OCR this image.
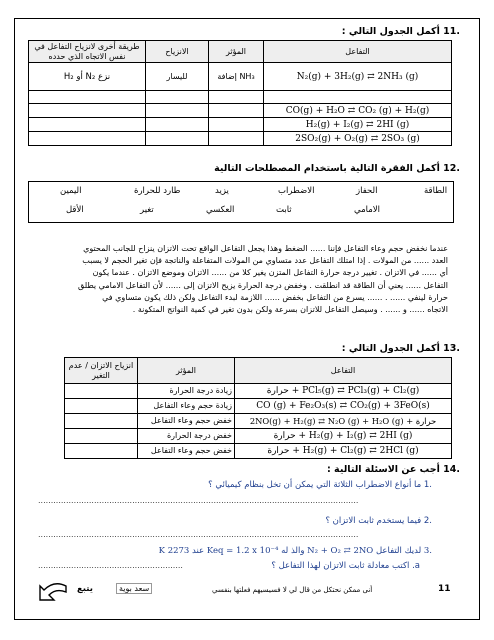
.11 أكمل الجدول التالي :
طريقة أخرى لانزياح التفاعل في نفس الاتجاه الذي حدده	الانزياح	المؤثر	التفاعل
نزع N₂ أو H₂	لليسار	إضافة NH₃	N₂(g) + 3H₂(g) ⇄ 2NH₃ (g)

			CO(g) + H₂O ⇄ CO₂ (g) + H₂(g)
			H₂(g) + I₂(g) ⇄ 2HI (g)
			2SO₂(g) + O₂(g) ⇄ 2SO₃ (g)
.12 أكمل الفقرة التالية باستخدام المصطلحات التالية
الطاقة
الحفاز
الاضطراب
يزيد
طارد للحرارة
اليمين
الامامي
ثابت
العكسي
تغير
الأقل
عندما نخفض حجم وعاء التفاعل فإننا ...... الضغط وهذا يجعل التفاعل الواقع تحت الاتزان ينزاح للجانب المحتوي
العدد ...... من المولات . إذا امتلك التفاعل عدد متساوي من المولات المتفاعلة والناتجة فإن تغير الحجم لا يسبب
أي ...... في الاتزان . تغيير درجة حرارة التفاعل المتزن يغير كلا من ...... الاتزان وموضع الاتزان . عندما يكون
التفاعل ...... يعني أن الطاقة قد انطلقت . وخفض درجة الحرارة يزيح الاتزان إلى ...... لأن التفاعل الامامي يطلق
حرارة لينفي ...... . ...... يسرع من التفاعل بخفض ...... اللازمة لبدء التفاعل ولكن ذلك يكون متساوي في
الاتجاه ...... و ...... . وسيصل التفاعل للاتزان بسرعة ولكن بدون تغير في كمية النواتج المتكونة .
.13 أكمل الجدول التالي :
انزياح الاتزان / عدم التغير	المؤثر	التفاعل
	زيادة درجة الحرارة	حرارة + PCl₅(g) ⇄ PCl₃(g) + Cl₂(g)
	زيادة حجم وعاء التفاعل	CO (g) + Fe₂O₃(s) ⇄ CO₂(g) + 3FeO(s)
	خفض حجم وعاء التفاعل	2NO(g) + H₂(g) ⇄ N₂O (g) + H₂O (g) + حرارة
	خفض درجة الحرارة	حرارة + H₂(g) + I₂(g) ⇄ 2HI (g)
	خفض حجم وعاء التفاعل	حرارة + H₂(g) + Cl₂(g) ⇄ 2HCl (g)
.14 أجب عن الاسئلة التالية :
.1 ما أنواع الاضطراب الثلاثة التي يمكن أن تخل بنظام كيميائي ؟
..............................................................................................................................
.2 فيما يستخدم ثابت الاتزان ؟
..............................................................................................................................
.3 لديك التفاعل N₂ + O₂ ⇄ 2NO والذ له Keq = 1.2 x 10⁻⁴ عند 2273 K
a. اكتب معادلة ثابت الاتزان لهذا التفاعل ؟
.........................................................
11
أنى ممكن نحتكل من قال لي لا فسيسيهم فعلتها بنفسي
سعد بوية
يتبع
